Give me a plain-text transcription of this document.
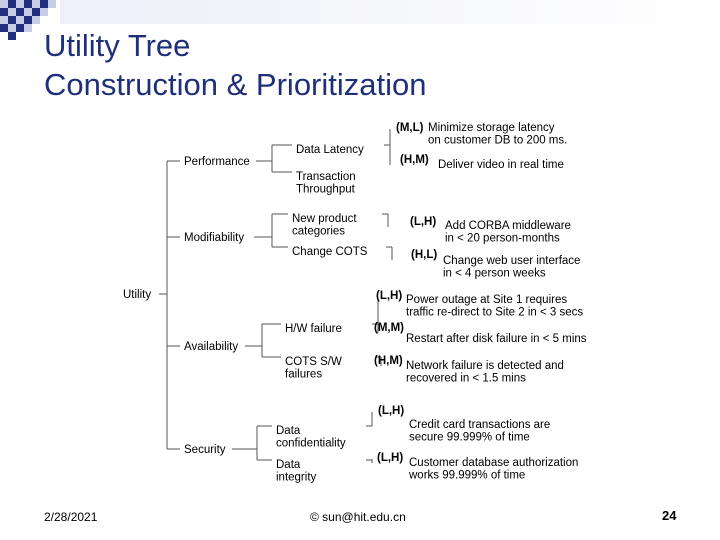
Utility Tree
Construction & Prioritization
Utility
Performance
Data Latency
(M,L) Minimize storage latency
on customer DB to 200 ms.
(H,M) Deliver video in real time
Transaction
Throughput
Modifiability
New product
categories
(L,H) Add CORBA middleware
in < 20 person-months
Change COTS	(H,L) Change web user interface
in < 4 person weeks
Availability
H/W failure
(L,H) Power outage at Site 1 requires
traffic re-direct to Site 2 in < 3 secs
(M,M)
Restart after disk failure in < 5 mins
COTS S/W
failures
(H,M) Network failure is detected and
recovered in < 1.5 mins
Security
Data
confidentiality
(L,H)
Credit card transactions are
secure 99.999% of time
Data
integrity
(L,H) Customer database authorization
works 99.999% of time
2/28/2021	© sun@hit.edu.cn	24
